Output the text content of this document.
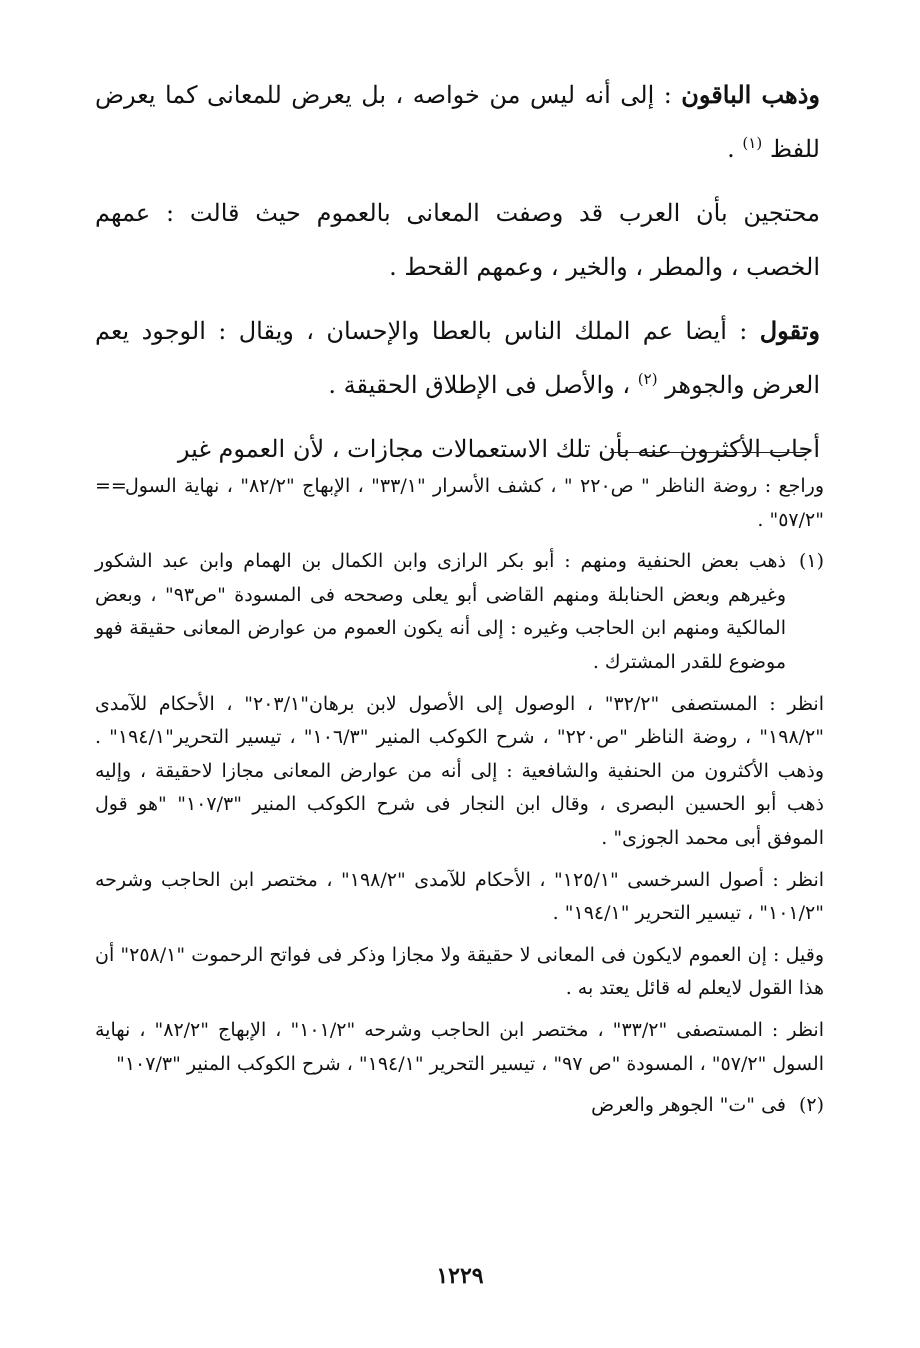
وذهب الباقون : إلى أنه ليس من خواصه ، بل يعرض للمعانى كما يعرض للفظ $^{(١)}$ .

محتجين بأن العرب قد وصفت المعانى بالعموم حيث قالت : عمهم الخصب ، والمطر ، والخير ، وعمهم القحط .

وتقول : أيضا عم الملك الناس بالعطا والإحسان ، ويقال : الوجود يعم العرض والجوهر $^{(٢)}$ ، والأصل فى الإطلاق الحقيقة .

أجاب الأكثرون عنه بأن تلك الاستعمالات مجازات ، لأن العموم غير

==
وراجع : روضة الناظر " ص٢٢٠ " ، كشف الأسرار "٣٣/١" ، الإبهاج "٨٢/٢" ، نهاية السول "٥٧/٢" .
(١)
ذهب بعض الحنفية ومنهم : أبو بكر الرازى وابن الكمال بن الهمام وابن عبد الشكور وغيرهم وبعض الحنابلة ومنهم القاضى أبو يعلى وصححه فى المسودة "ص٩٣" ، وبعض المالكية ومنهم ابن الحاجب وغيره : إلى أنه يكون العموم من عوارض المعانى حقيقة فهو موضوع للقدر المشترك .
انظر : المستصفى "٣٢/٢" ، الوصول إلى الأصول لابن برهان"٢٠٣/١" ، الأحكام للآمدى "١٩٨/٢" ، روضة الناظر "ص٢٢٠" ، شرح الكوكب المنير "١٠٦/٣" ، تيسير التحرير"١٩٤/١" . وذهب الأكثرون من الحنفية والشافعية : إلى أنه من عوارض المعانى مجازا لاحقيقة ، وإليه ذهب أبو الحسين البصرى ، وقال ابن النجار فى شرح الكوكب المنير "١٠٧/٣" "هو قول الموفق أبى محمد الجوزى" .
انظر : أصول السرخسى "١٢٥/١" ، الأحكام للآمدى "١٩٨/٢" ، مختصر ابن الحاجب وشرحه "١٠١/٢" ، تيسير التحرير "١٩٤/١" .
وقيل : إن العموم لايكون فى المعانى لا حقيقة ولا مجازا وذكر فى فواتح الرحموت "٢٥٨/١" أن هذا القول لايعلم له قائل يعتد به .
انظر : المستصفى "٣٣/٢" ، مختصر ابن الحاجب وشرحه "١٠١/٢" ، الإبهاج "٨٢/٢" ، نهاية السول "٥٧/٢" ، المسودة "ص ٩٧" ، تيسير التحرير "١٩٤/١" ، شرح الكوكب المنير "١٠٧/٣"
(٢)
فى "ت" الجوهر والعرض
١٢٢٩
